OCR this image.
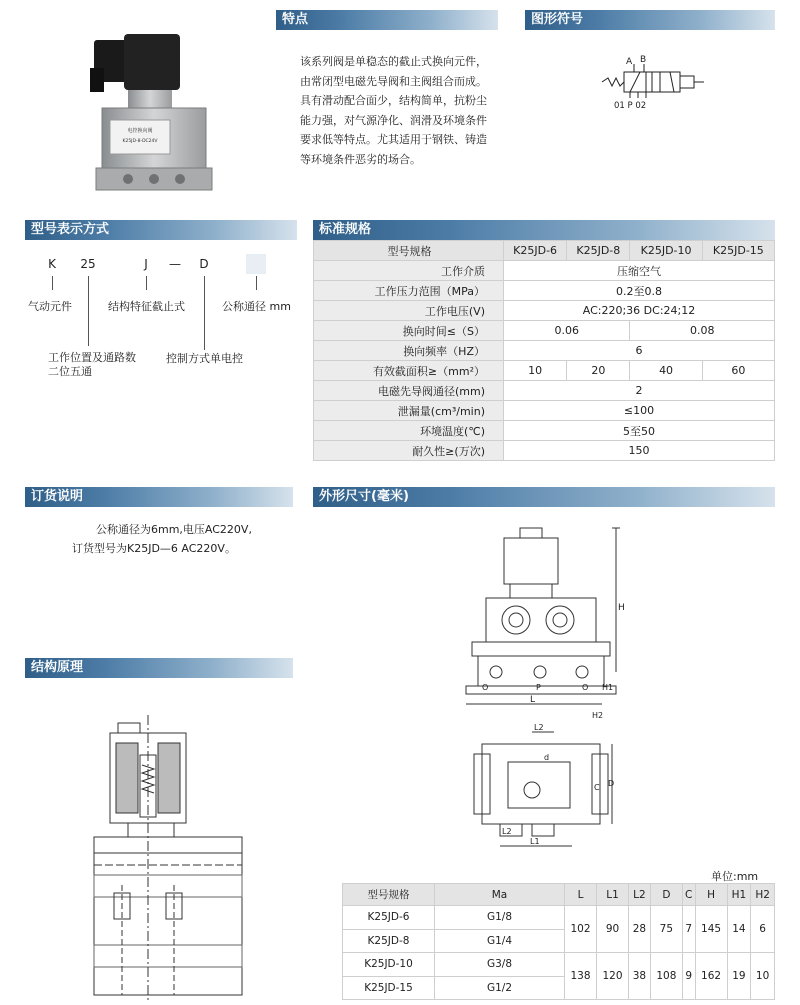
特点	图形符号
型号表示方式	标准规格
订货说明	外形尺寸(毫米)
结构原理
电控换向阀
K25JD-8-DC24V
该系列阀是单稳态的截止式换向元件，
由常闭型电磁先导阀和主阀组合而成。
具有滑动配合面少，结构简单，抗粉尘
能力强，对气源净化、润滑及环境条件
要求低等特点。尤其适用于钢铁、铸造
等环境条件恶劣的场合。
A B
01 P 02
K	25	J	—	D
气动元件	结构特征截止式	公称通径 mm
工作位置及通路数
二位五通
控制方式单电控
型号规格	K25JD-6	K25JD-8	K25JD-10	K25JD-15
工作介质	压缩空气			
工作压力范围（MPa）	0.2至0.8			
工作电压(V)	AC:220;36 DC:24;12			
换向时间≤（S）	0.06		0.08	
换向频率（HZ）	6			
有效截面积≥（mm²）	10	20	40	60
电磁先导阀通径(mm)	2			
泄漏量(cm³/min)	≤100			
环境温度(℃)	5至50			
耐久性≥(万次)	150			
公称通径为6mm,电压AC220V,
订货型号为K25JD—6 AC220V。
H
H1
H2
L
O	P	O
L2
d
C D
L2
L1
单位:mm
型号规格	Ma	L	L1	L2	D	C	H	H1	H2
K25JD-6	G1/8	102	90	28	75	7	145	14	6
K25JD-8	G1/4								
K25JD-10	G3/8	138	120	38	108	9	162	19	10
K25JD-15	G1/2								
